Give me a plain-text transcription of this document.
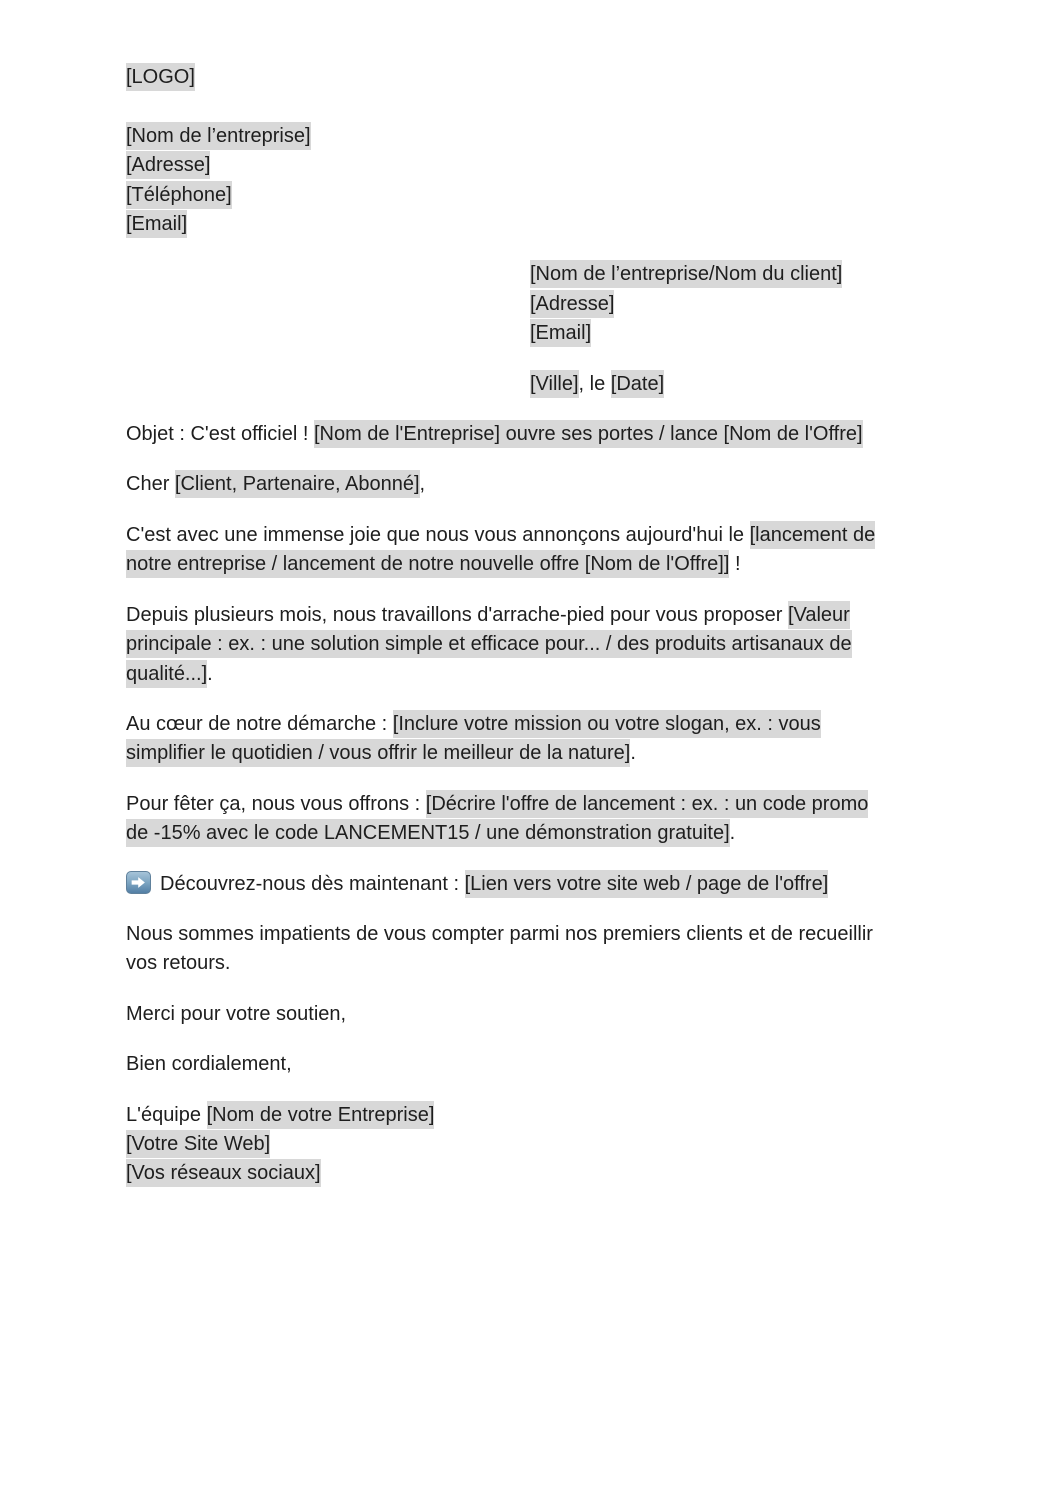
[LOGO]

[Nom de l’entreprise]
[Adresse]
[Téléphone]
[Email]
[Nom de l’entreprise/Nom du client]
[Adresse]
[Email]
[Ville], le [Date]
Objet : C'est officiel ! [Nom de l'Entreprise] ouvre ses portes / lance [Nom de l'Offre]
Cher [Client, Partenaire, Abonné],
C'est avec une immense joie que nous vous annonçons aujourd'hui le [lancement de
notre entreprise / lancement de notre nouvelle offre [Nom de l'Offre]] !
Depuis plusieurs mois, nous travaillons d'arrache-pied pour vous proposer [Valeur
principale : ex. : une solution simple et efficace pour... / des produits artisanaux de
qualité...].
Au cœur de notre démarche : [Inclure votre mission ou votre slogan, ex. : vous
simplifier le quotidien / vous offrir le meilleur de la nature].
Pour fêter ça, nous vous offrons : [Décrire l'offre de lancement : ex. : un code promo
de -15% avec le code LANCEMENT15 / une démonstration gratuite].
Découvrez-nous dès maintenant : [Lien vers votre site web / page de l'offre]
Nous sommes impatients de vous compter parmi nos premiers clients et de recueillir
vos retours.
Merci pour votre soutien,
Bien cordialement,
L'équipe [Nom de votre Entreprise]
[Votre Site Web]
[Vos réseaux sociaux]
